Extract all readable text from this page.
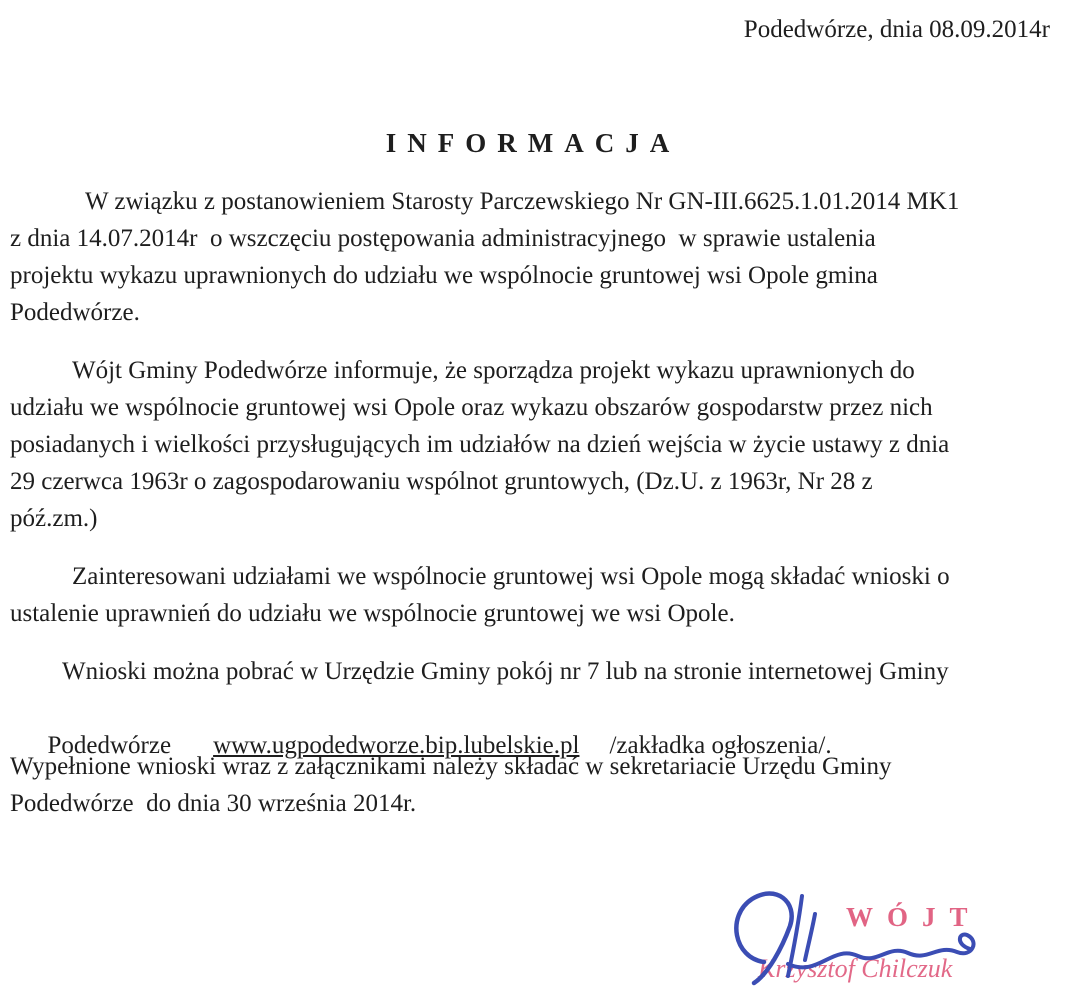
Podedwórze, dnia 08.09.2014r
INFORMACJA
W związku z postanowieniem Starosty Parczewskiego Nr GN-III.6625.1.01.2014 MK1
z dnia 14.07.2014r  o wszczęciu postępowania administracyjnego  w sprawie ustalenia
projektu wykazu uprawnionych do udziału we wspólnocie gruntowej wsi Opole gmina
Podedwórze.
Wójt Gminy Podedwórze informuje, że sporządza projekt wykazu uprawnionych do
udziału we wspólnocie gruntowej wsi Opole oraz wykazu obszarów gospodarstw przez nich
posiadanych i wielkości przysługujących im udziałów na dzień wejścia w życie ustawy z dnia
29 czerwca 1963r o zagospodarowaniu wspólnot gruntowych, (Dz.U. z 1963r, Nr 28 z
póź.zm.)
Zainteresowani udziałami we wspólnocie gruntowej wsi Opole mogą składać wnioski o
ustalenie uprawnień do udziału we wspólnocie gruntowej we wsi Opole.
Wnioski można pobrać w Urzędzie Gminy pokój nr 7 lub na stronie internetowej Gminy

Podedwórze www.ugpodedworze.bip.lubelskie.pl /zakładka ogłoszenia/.

Wypełnione wnioski wraz z załącznikami należy składać w sekretariacie Urzędu Gminy
Podedwórze  do dnia 30 września 2014r.
WÓJT
Krzysztof Chilczuk
